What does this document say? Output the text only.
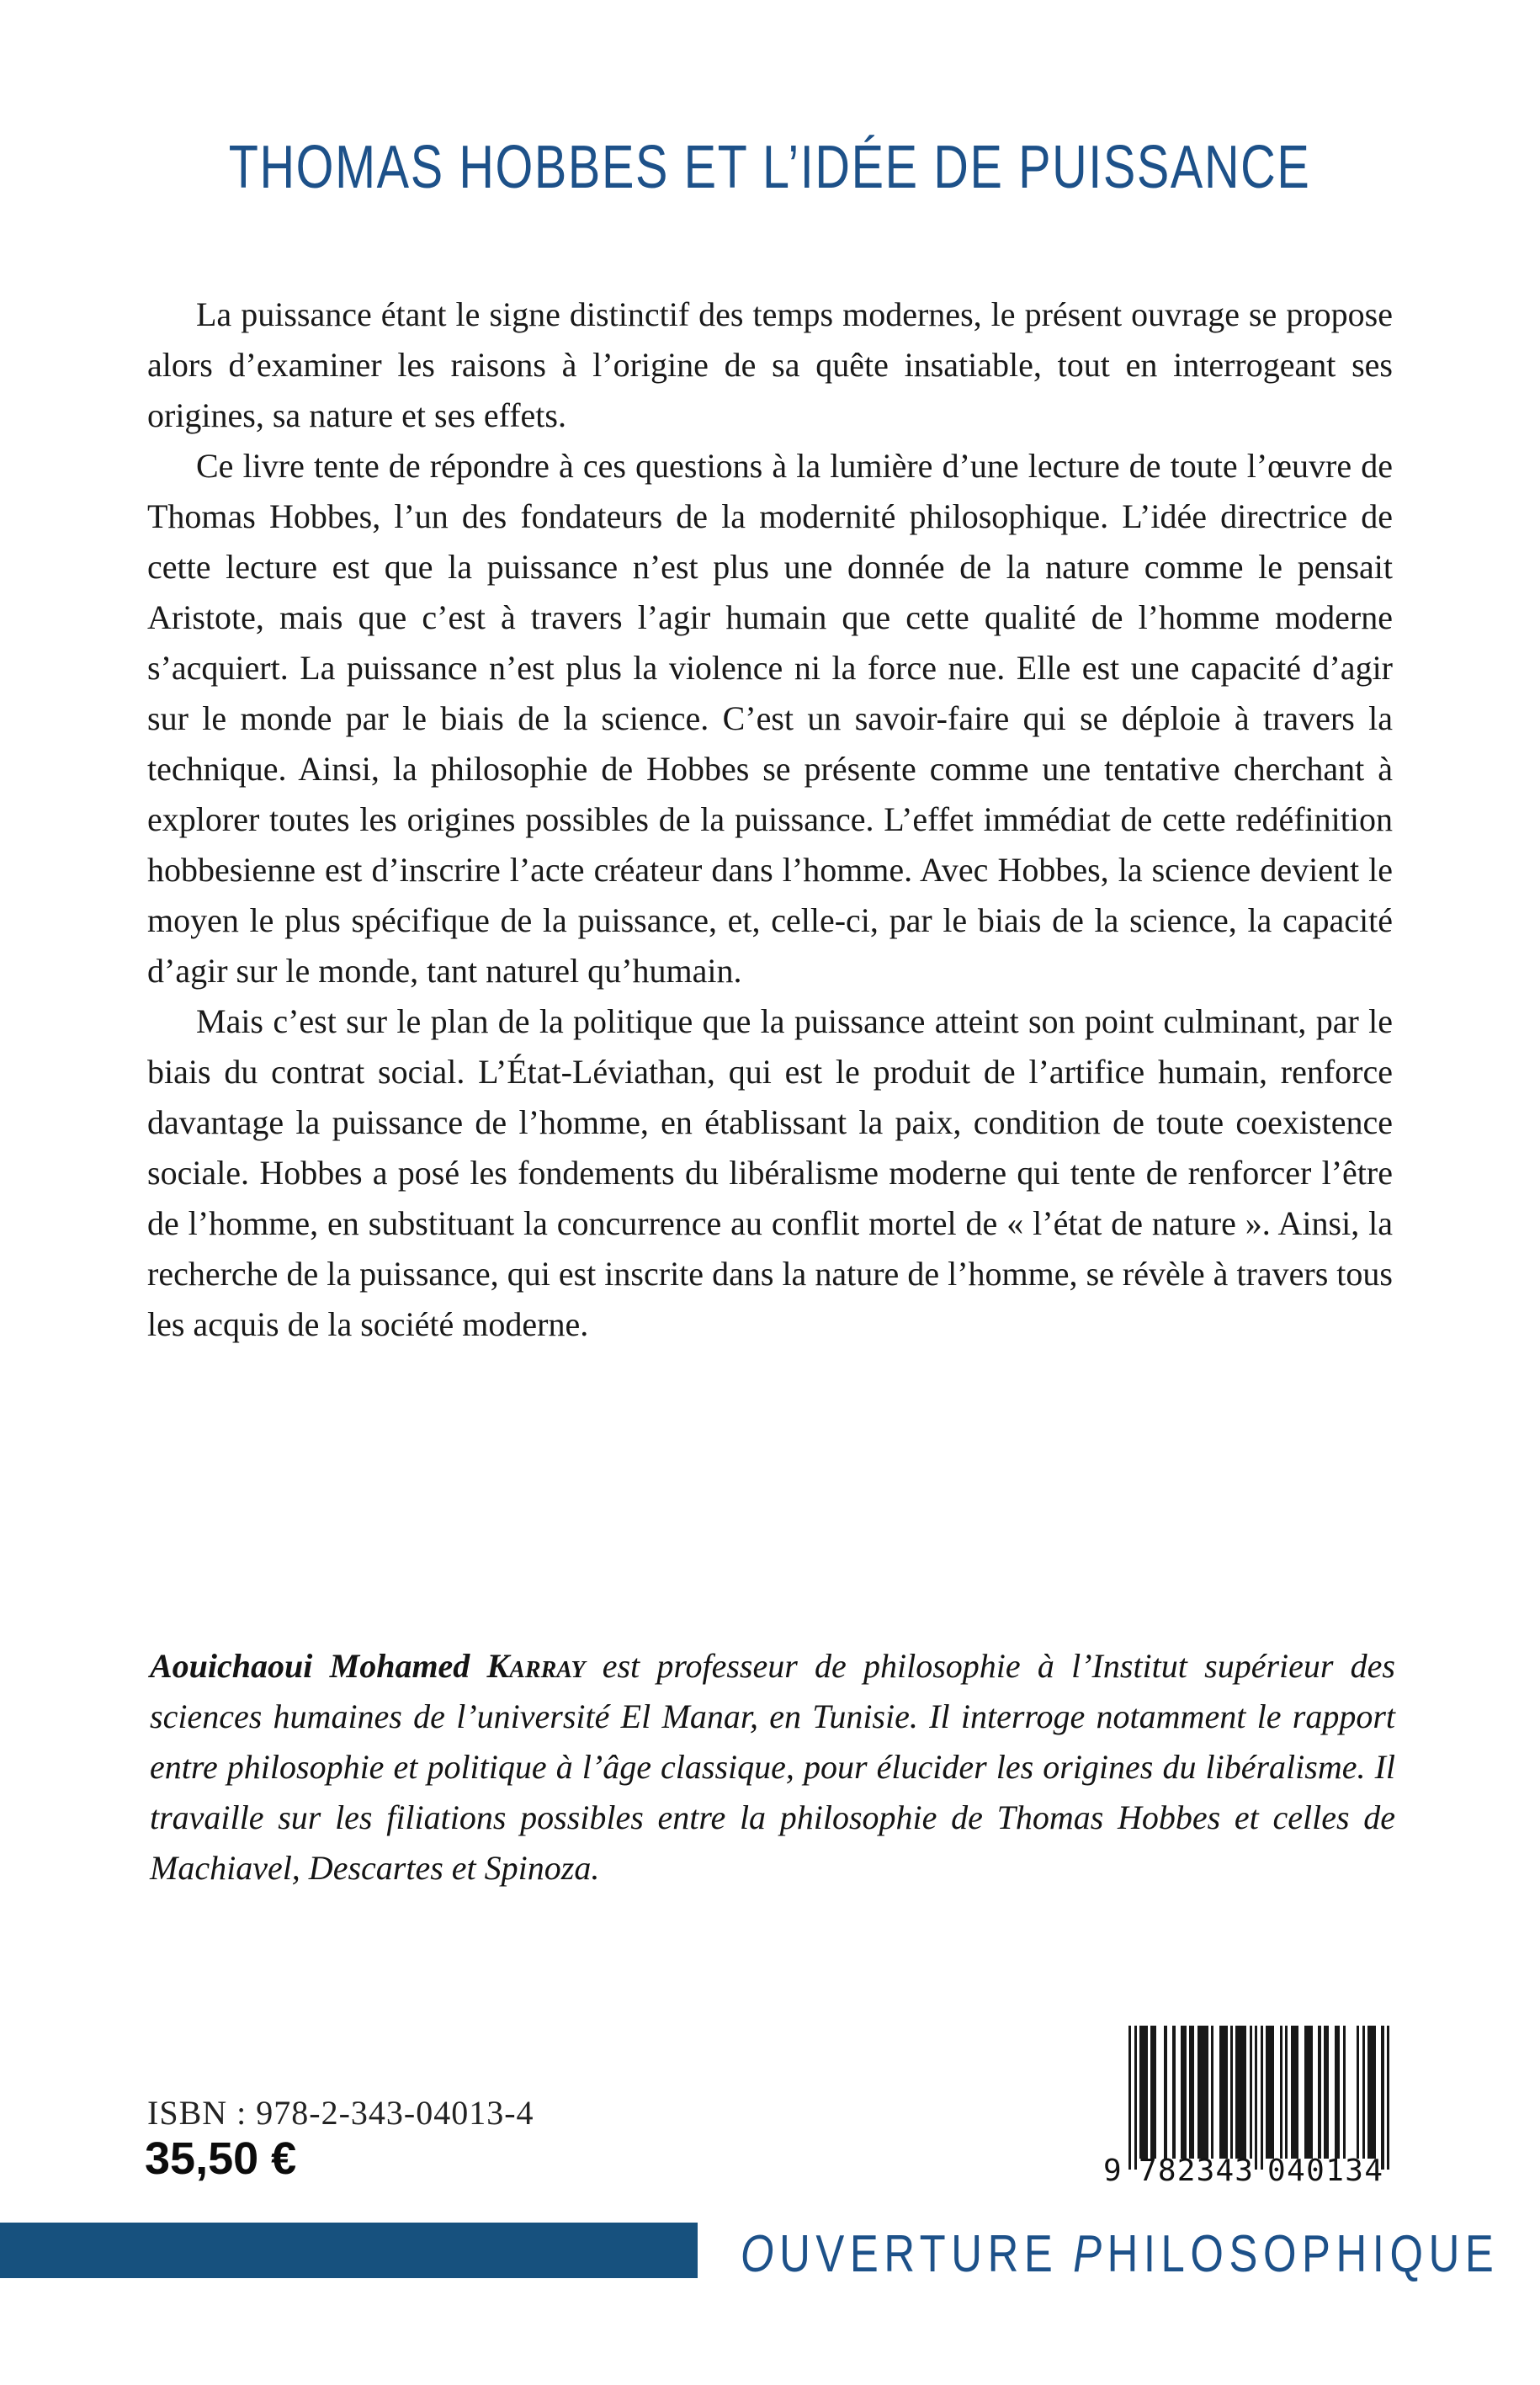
THOMAS HOBBES ET L’IDÉE DE PUISSANCE

La puissance étant le signe distinctif des temps modernes, le présent ouvrage se propose alors d’examiner les raisons à l’origine de sa quête insatiable, tout en interrogeant ses origines, sa nature et ses effets.

Ce livre tente de répondre à ces questions à la lumière d’une lecture de toute l’œuvre de Thomas Hobbes, l’un des fondateurs de la modernité philosophique. L’idée directrice de cette lecture est que la puissance n’est plus une donnée de la nature comme le pensait Aristote, mais que c’est à travers l’agir humain que cette qualité de l’homme moderne s’acquiert. La puissance n’est plus la violence ni la force nue. Elle est une capacité d’agir sur le monde par le biais de la science. C’est un savoir-faire qui se déploie à travers la technique. Ainsi, la philosophie de Hobbes se présente comme une tentative cherchant à explorer toutes les origines possibles de la puissance. L’effet immédiat de cette redéfinition hobbesienne est d’inscrire l’acte créateur dans l’homme. Avec Hobbes, la science devient le moyen le plus spécifique de la puissance, et, celle-ci, par le biais de la science, la capacité d’agir sur le monde, tant naturel qu’humain.

Mais c’est sur le plan de la politique que la puissance atteint son point culminant, par le biais du contrat social. L’État-Léviathan, qui est le produit de l’artifice humain, renforce davantage la puissance de l’homme, en établissant la paix, condition de toute coexistence sociale. Hobbes a posé les fondements du libéralisme moderne qui tente de renforcer l’être de l’homme, en substituant la concurrence au conflit mortel de « l’état de nature ». Ainsi, la recherche de la puissance, qui est inscrite dans la nature de l’homme, se révèle à travers tous les acquis de la société moderne.

Aouichaoui Mohamed Karray est professeur de philosophie à l’Institut supérieur des sciences humaines de l’université El Manar, en Tunisie. Il interroge notamment le rapport entre philosophie et politique à l’âge classique, pour élucider les origines du libéralisme. Il travaille sur les filiations possibles entre la philosophie de Thomas Hobbes et celles de Machiavel, Descartes et Spinoza.
ISBN : 978-2-343-04013-4
35,50 €	9 7 8 2 3 4 3 0 4 0 1 3 4
OUVERTURE PHILOSOPHIQUE
